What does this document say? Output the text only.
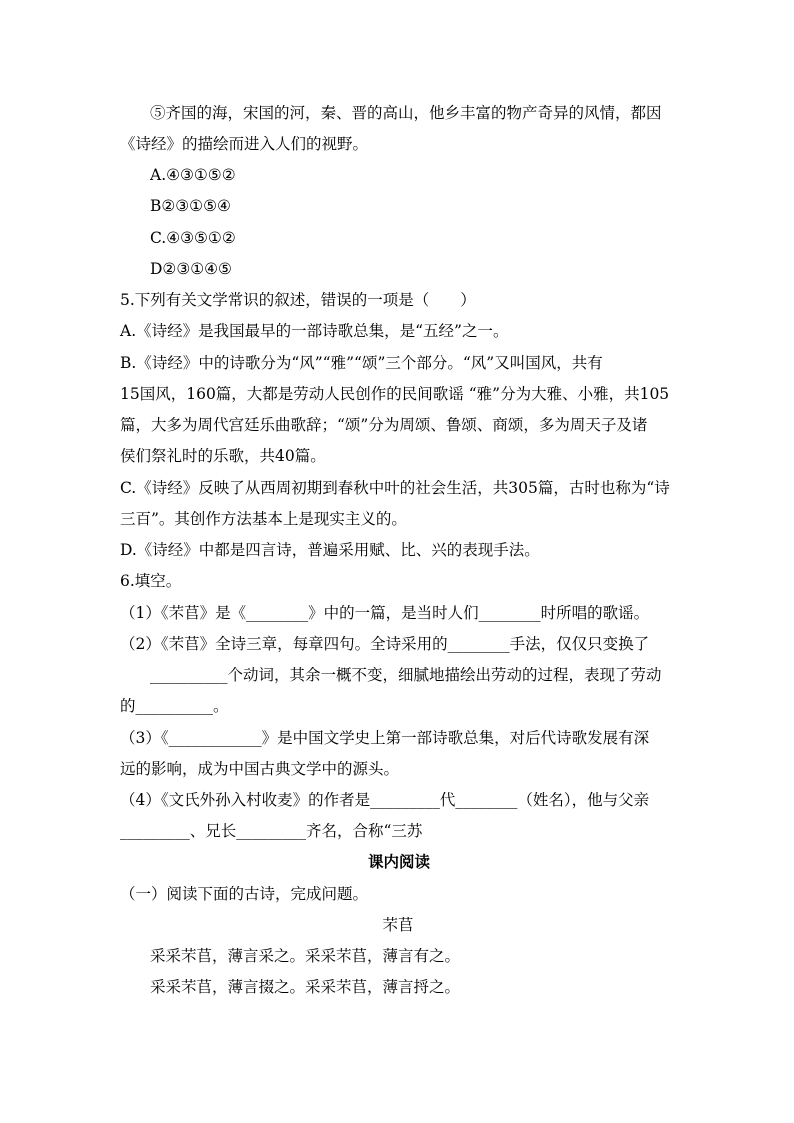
⑤齐国的海，宋国的河，秦、晋的高山，他乡丰富的物产奇异的风情，都因
《诗经》的描绘而进入人们的视野。
A.④③①⑤②
B②③①⑤④
C.④③⑤①②
D②③①④⑤
5.下列有关文学常识的叙述，错误的一项是（　　）
A.《诗经》是我国最早的一部诗歌总集，是“五经”之一。
B.《诗经》中的诗歌分为“风”“雅”“颂”三个部分。“风”又叫国风，共有
15国风，160篇，大都是劳动人民创作的民间歌谣 “雅”分为大雅、小雅，共105
篇，大多为周代宫廷乐曲歌辞；“颂”分为周颂、鲁颂、商颂，多为周天子及诸
侯们祭礼时的乐歌，共40篇。
C.《诗经》反映了从西周初期到春秋中叶的社会生活，共305篇，古时也称为“诗
三百”。其创作方法基本上是现实主义的。
D.《诗经》中都是四言诗，普遍采用赋、比、兴的表现手法。
6.填空。
（1）《芣苢》是《________》中的一篇，是当时人们________时所唱的歌谣。
（2）《芣苢》全诗三章，每章四句。全诗采用的________手法，仅仅只变换了
__________个动词，其余一概不变，细腻地描绘出劳动的过程，表现了劳动
的__________。
（3）《____________》是中国文学史上第一部诗歌总集，对后代诗歌发展有深
远的影响，成为中国古典文学中的源头。
（4）《文氏外孙入村收麦》的作者是_________代________（姓名），他与父亲
_________、兄长_________齐名，合称“三苏
课内阅读
（一）阅读下面的古诗，完成问题。
芣苢
采采芣苢，薄言采之。采采芣苢，薄言有之。
采采芣苢，薄言掇之。采采芣苢，薄言捋之。
